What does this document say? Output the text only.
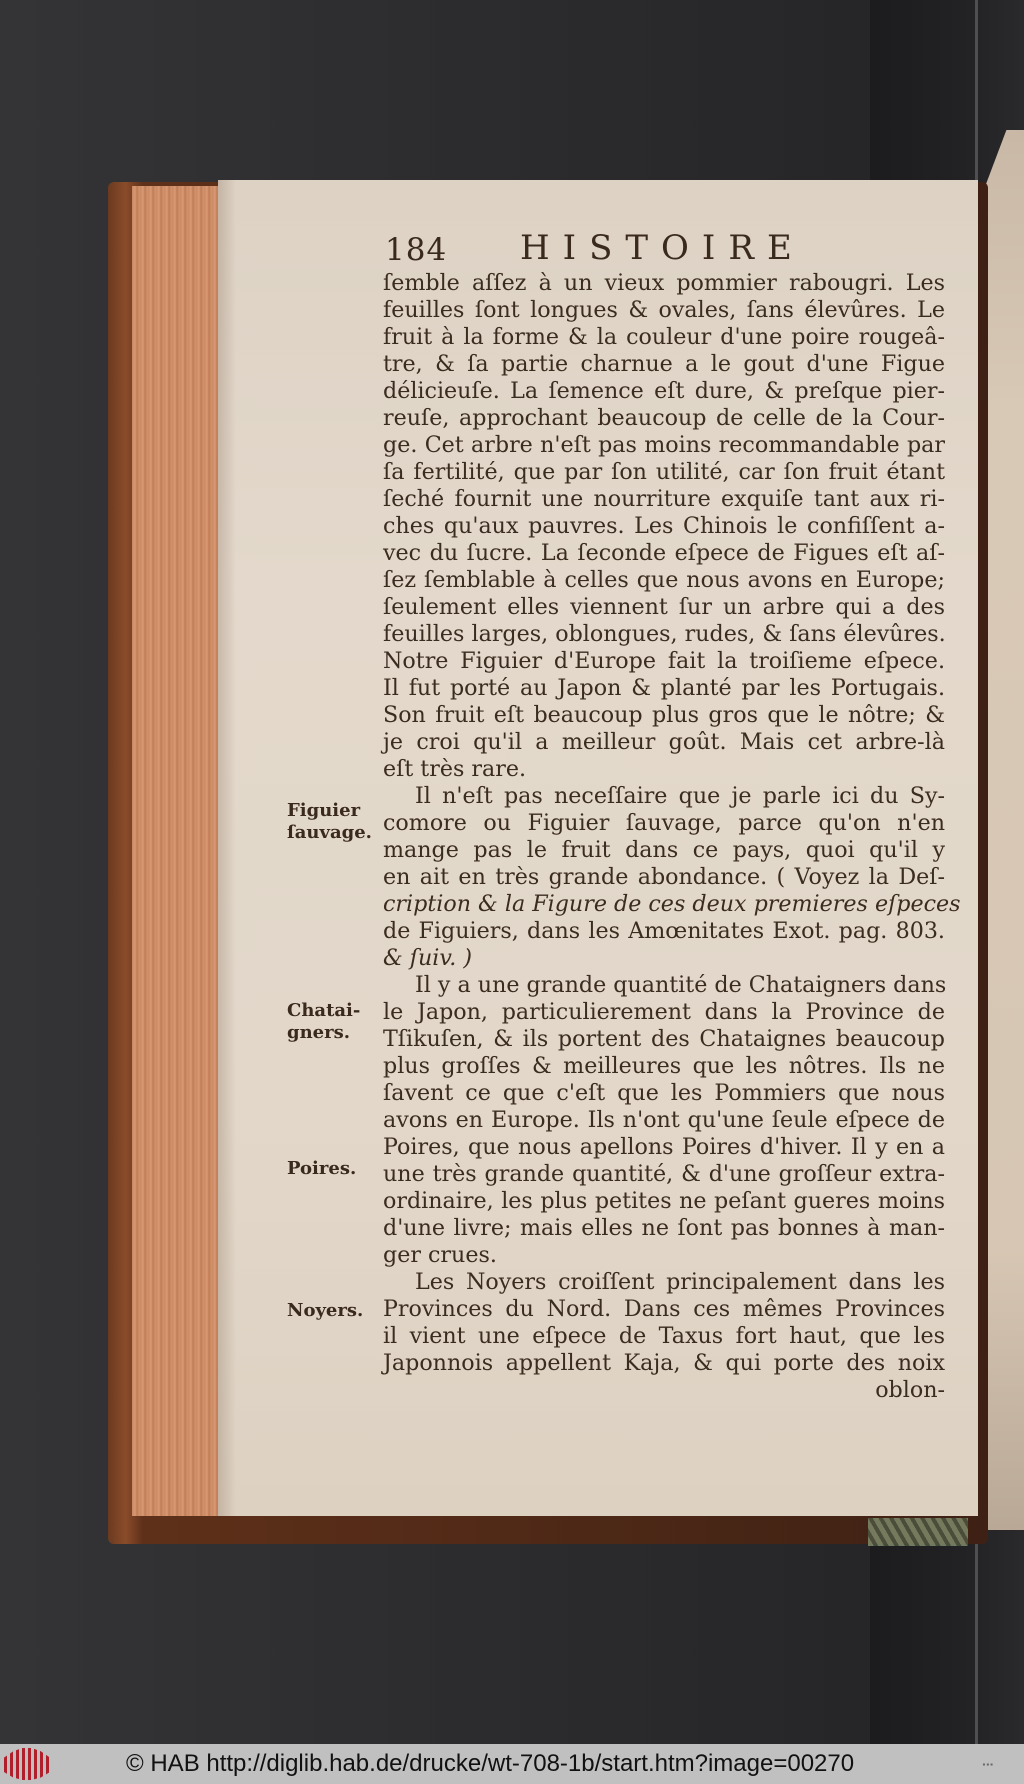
184 HISTOIRE
ſemble aſſez à un vieux pommier rabougri. Les
feuilles ſont longues & ovales, ſans élevûres. Le
fruit à la forme & la couleur d'une poire rougeâ-
tre, & ſa partie charnue a le gout d'une Figue
délicieuſe. La ſemence eſt dure, & preſque pier-
reuſe, approchant beaucoup de celle de la Cour-
ge. Cet arbre n'eſt pas moins recommandable par
ſa fertilité, que par ſon utilité, car ſon fruit étant
ſeché fournit une nourriture exquiſe tant aux ri-
ches qu'aux pauvres. Les Chinois le confiſſent a-
vec du ſucre. La ſeconde eſpece de Figues eſt aſ-
ſez ſemblable à celles que nous avons en Europe;
ſeulement elles viennent ſur un arbre qui a des
feuilles larges, oblongues, rudes, & ſans élevûres.
Notre Figuier d'Europe fait la troiſieme eſpece.
Il fut porté au Japon & planté par les Portugais.
Son fruit eſt beaucoup plus gros que le nôtre; &
je croi qu'il a meilleur goût. Mais cet arbre-là
eſt très rare.
Il n'eſt pas neceſſaire que je parle ici du Sy-
comore ou Figuier ſauvage, parce qu'on n'en
mange pas le fruit dans ce pays, quoi qu'il y
en ait en très grande abondance. ( Voyez la Deſ-
cription & la Figure de ces deux premieres eſpeces
de Figuiers, dans les Amœnitates Exot. pag. 803.
& ſuiv. )
Il y a une grande quantité de Chataigners dans
le Japon, particulierement dans la Province de
Tſikuſen, & ils portent des Chataignes beaucoup
plus groſſes & meilleures que les nôtres. Ils ne
ſavent ce que c'eſt que les Pommiers que nous
avons en Europe. Ils n'ont qu'une ſeule eſpece de
Poires, que nous apellons Poires d'hiver. Il y en a
une très grande quantité, & d'une groſſeur extra-
ordinaire, les plus petites ne peſant gueres moins
d'une livre; mais elles ne ſont pas bonnes à man-
ger crues.
Les Noyers croiſſent principalement dans les
Provinces du Nord. Dans ces mêmes Provinces
il vient une eſpece de Taxus fort haut, que les
Japonnois appellent Kaja, & qui porte des noix
oblon-
Figuier
ſauvage.
Chatai-
gners.
Poires.
Noyers.
© HAB http://diglib.hab.de/drucke/wt-708-1b/start.htm?image=00270	▪▪▪
